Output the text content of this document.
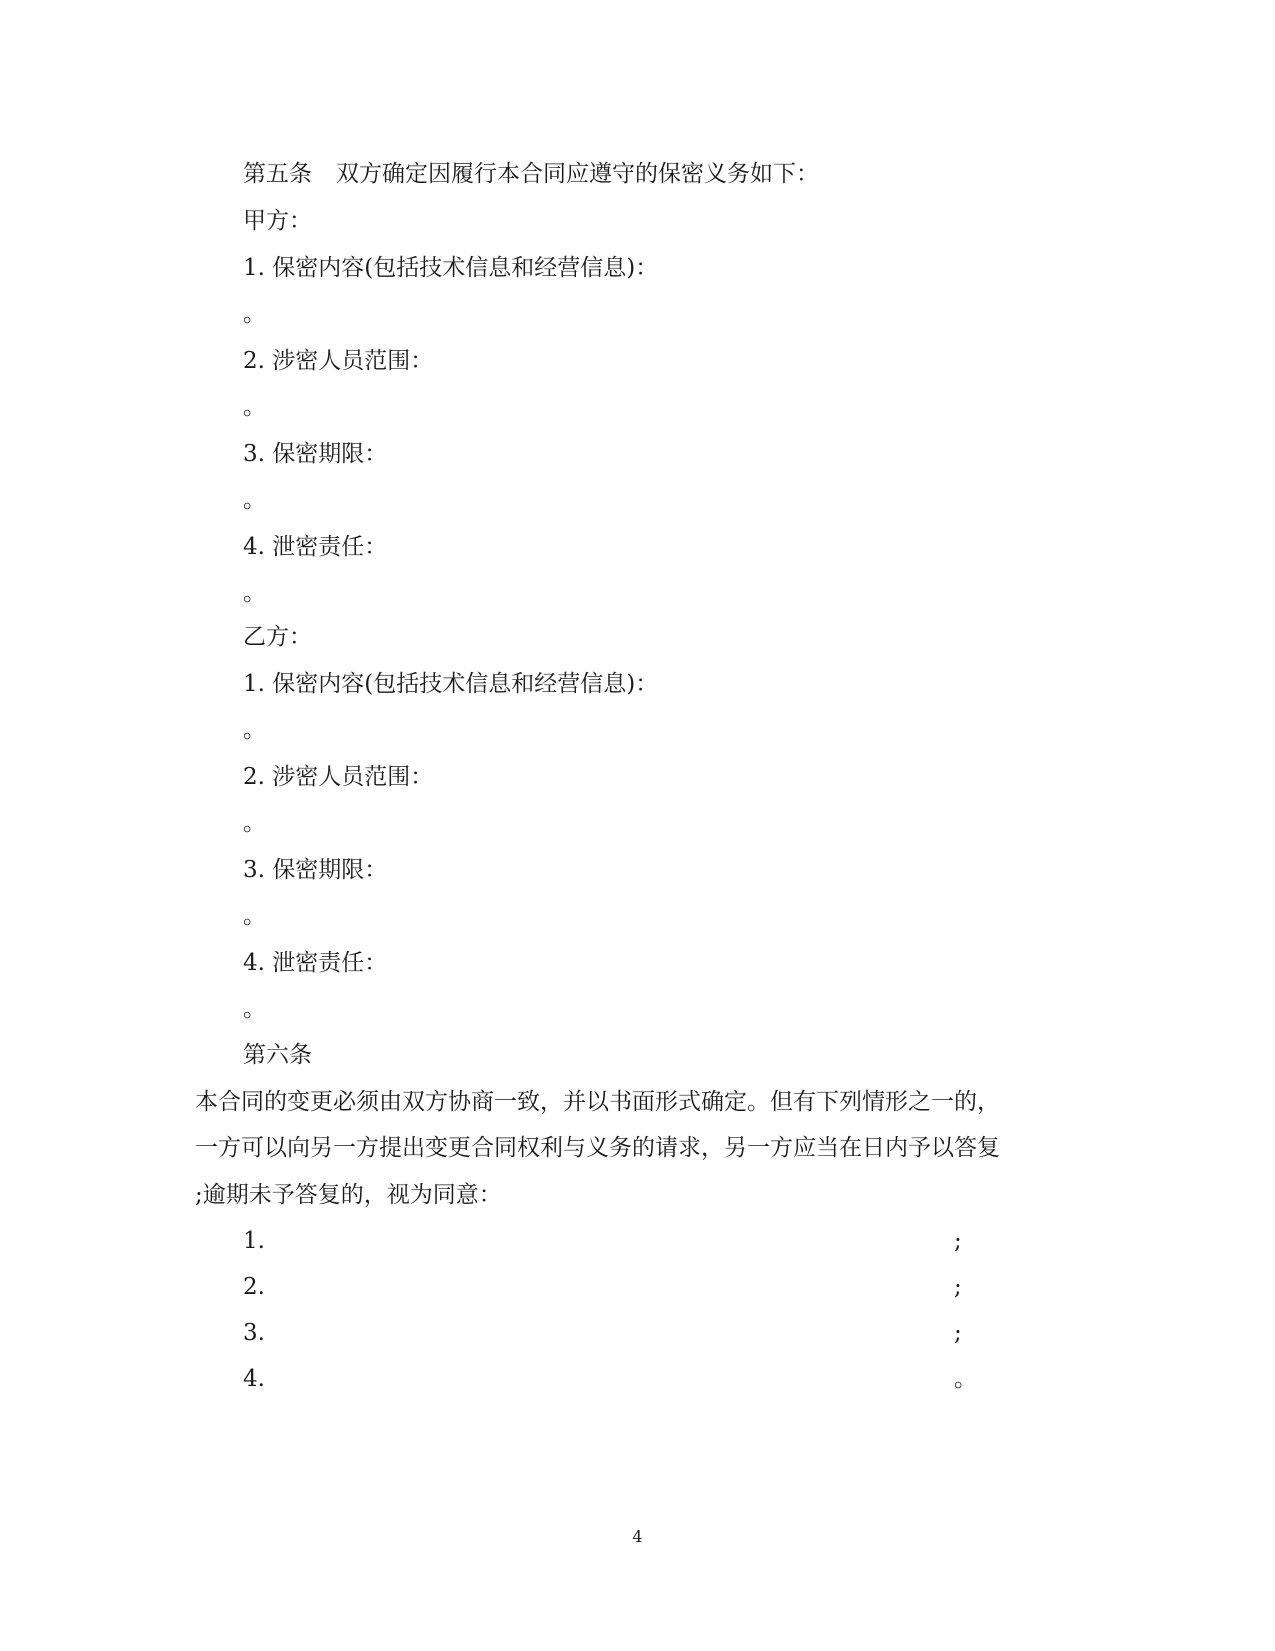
第五条 双方确定因履行本合同应遵守的保密义务如下：
甲方：
1. 保密内容(包括技术信息和经营信息)：
。
2. 涉密人员范围：
。
3. 保密期限：
。
4. 泄密责任：
。
乙方：
1. 保密内容(包括技术信息和经营信息)：
。
2. 涉密人员范围：
。
3. 保密期限：
。
4. 泄密责任：
。
第六条
本合同的变更必须由双方协商一致，并以书面形式确定。但有下列情形之一的，
一方可以向另一方提出变更合同权利与义务的请求，另一方应当在日内予以答复
;逾期未予答复的，视为同意：
1.	;
2.	;
3.	;
4.	。
4
